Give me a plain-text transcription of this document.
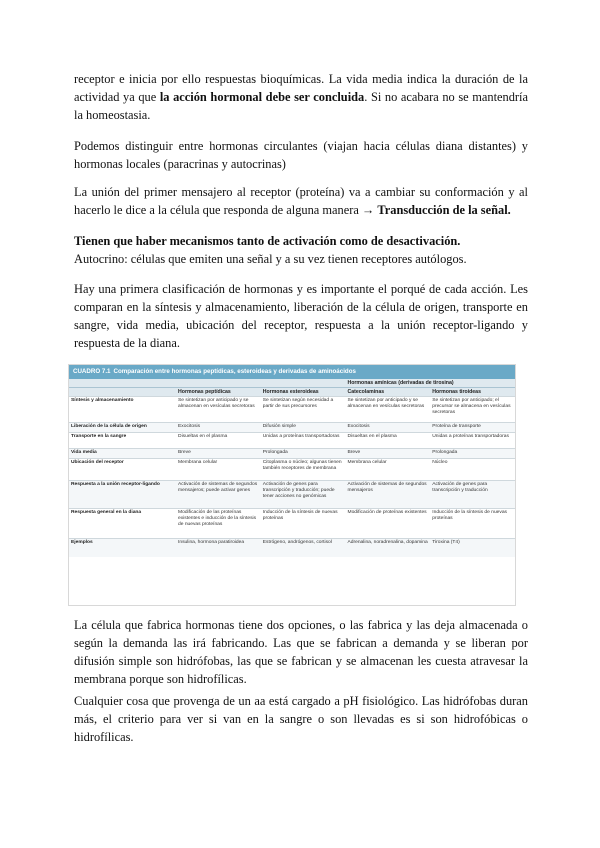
receptor e inicia por ello respuestas bioquímicas. La vida media indica la duración de la actividad ya que la acción hormonal debe ser concluida. Si no acabara no se mantendría la homeostasia.

Podemos distinguir entre hormonas circulantes (viajan hacia células diana distantes) y hormonas locales (paracrinas y autocrinas)

La unión del primer mensajero al receptor (proteína) va a cambiar su conformación y al hacerlo le dice a la célula que responda de alguna manera → Transducción de la señal.

Tienen que haber mecanismos tanto de activación como de desactivación.
Autocrino: células que emiten una señal y a su vez tienen receptores autólogos.

Hay una primera clasificación de hormonas y es importante el porqué de cada acción. Les comparan en la síntesis y almacenamiento, liberación de la célula de origen, transporte en sangre, vida media, ubicación del receptor, respuesta a la unión receptor-ligando y respuesta de la diana.

CUADRO 7.1 Comparación entre hormonas peptídicas, esteroideas y derivadas de aminoácidos
			Hormonas amínicas (derivadas de tirosina)	
	Hormonas peptídicas	Hormonas esteroideas	Catecolaminas	Hormonas tiroideas
Síntesis y almacenamiento	Se sintetizan por anticipado y se almacenan en vesículas secretoras	Se sintetizan según necesidad a partir de sus precursores	Se sintetizan por anticipado y se almacenan en vesículas secretoras	Se sintetizan por anticipado; el precursor se almacena en vesículas secretoras
Liberación de la célula de origen	Exocitosis	Difusión simple	Exocitosis	Proteína de transporte
Transporte en la sangre	Disueltas en el plasma	Unidas a proteínas transportadoras	Disueltas en el plasma	Unidas a proteínas transportadoras
Vida media	Breve	Prolongada	Breve	Prolongada
Ubicación del receptor	Membrana celular	Citoplasma o núcleo; algunas tienen también receptores de membrana	Membrana celular	Núcleo
Respuesta a la unión receptor-ligando	Activación de sistemas de segundos mensajeros; puede activar genes	Activación de genes para transcripción y traducción; puede tener acciones no genómicas	Activación de sistemas de segundos mensajeros	Activación de genes para transcripción y traducción
Respuesta general en la diana	Modificación de las proteínas existentes e inducción de la síntesis de nuevas proteínas	Inducción de la síntesis de nuevas proteínas	Modificación de proteínas existentes	Inducción de la síntesis de nuevas proteínas
Ejemplos	Insulina, hormona paratiroidea	Estrógeno, andrógenos, cortisol	Adrenalina, noradrenalina, dopamina	Tiroxina (T4)

La célula que fabrica hormonas tiene dos opciones, o las fabrica y las deja almacenada o según la demanda las irá fabricando. Las que se fabrican a demanda y se liberan por difusión simple son hidrófobas, las que se fabrican y se almacenan les cuesta atravesar la membrana porque son hidrofílicas.

Cualquier cosa que provenga de un aa está cargado a pH fisiológico. Las hidrófobas duran más, el criterio para ver si van en la sangre o son llevadas es si son hidrofóbicas o hidrofílicas.
